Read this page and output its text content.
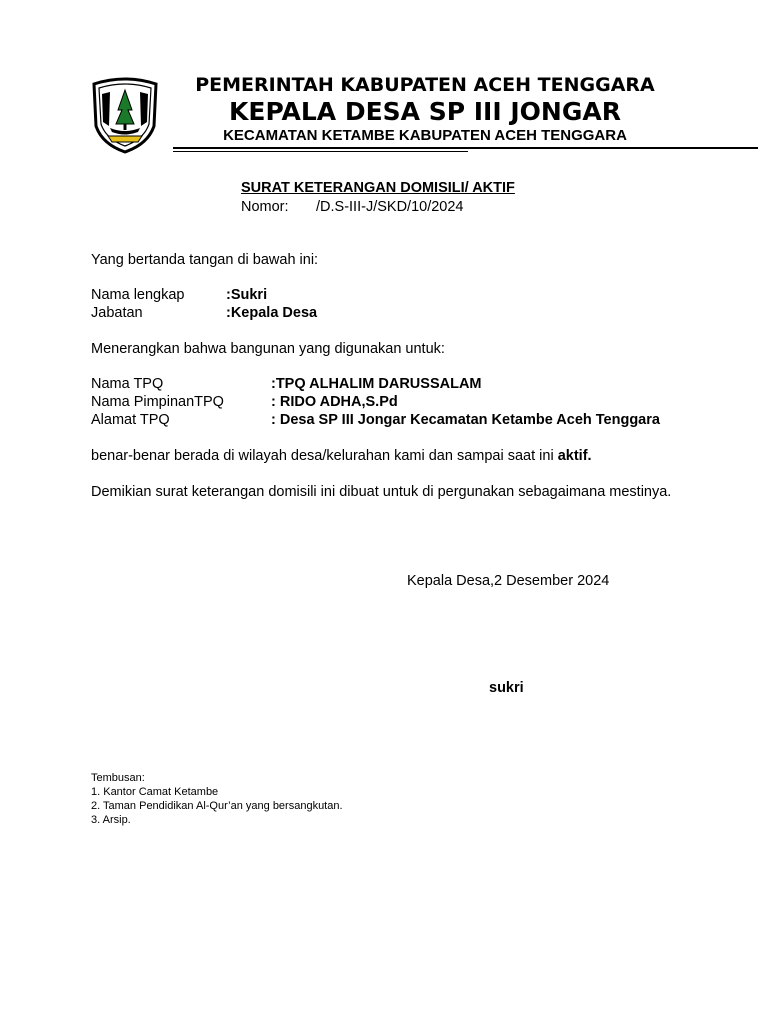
PEMERINTAH KABUPATEN ACEH TENGGARA
KEPALA DESA SP III JONGAR
KECAMATAN KETAMBE KABUPATEN ACEH TENGGARA
SURAT KETERANGAN DOMISILI/ AKTIF
Nomor: /D.S-III-J/SKD/10/2024
Yang bertanda tangan di bawah ini:
Nama lengkap	:Sukri
Jabatan	:Kepala Desa
Menerangkan bahwa bangunan yang digunakan untuk:
Nama TPQ	:TPQ ALHALIM DARUSSALAM
Nama PimpinanTPQ	: RIDO ADHA,S.Pd
Alamat TPQ	: Desa SP III Jongar Kecamatan Ketambe Aceh Tenggara
benar-benar berada di wilayah desa/kelurahan kami dan sampai saat ini aktif.
Demikian surat keterangan domisili ini dibuat untuk di pergunakan sebagaimana mestinya.
Kepala Desa,2 Desember 2024
sukri
Tembusan:
1. Kantor Camat Ketambe
2. Taman Pendidikan Al-Qur’an yang bersangkutan.
3. Arsip.
